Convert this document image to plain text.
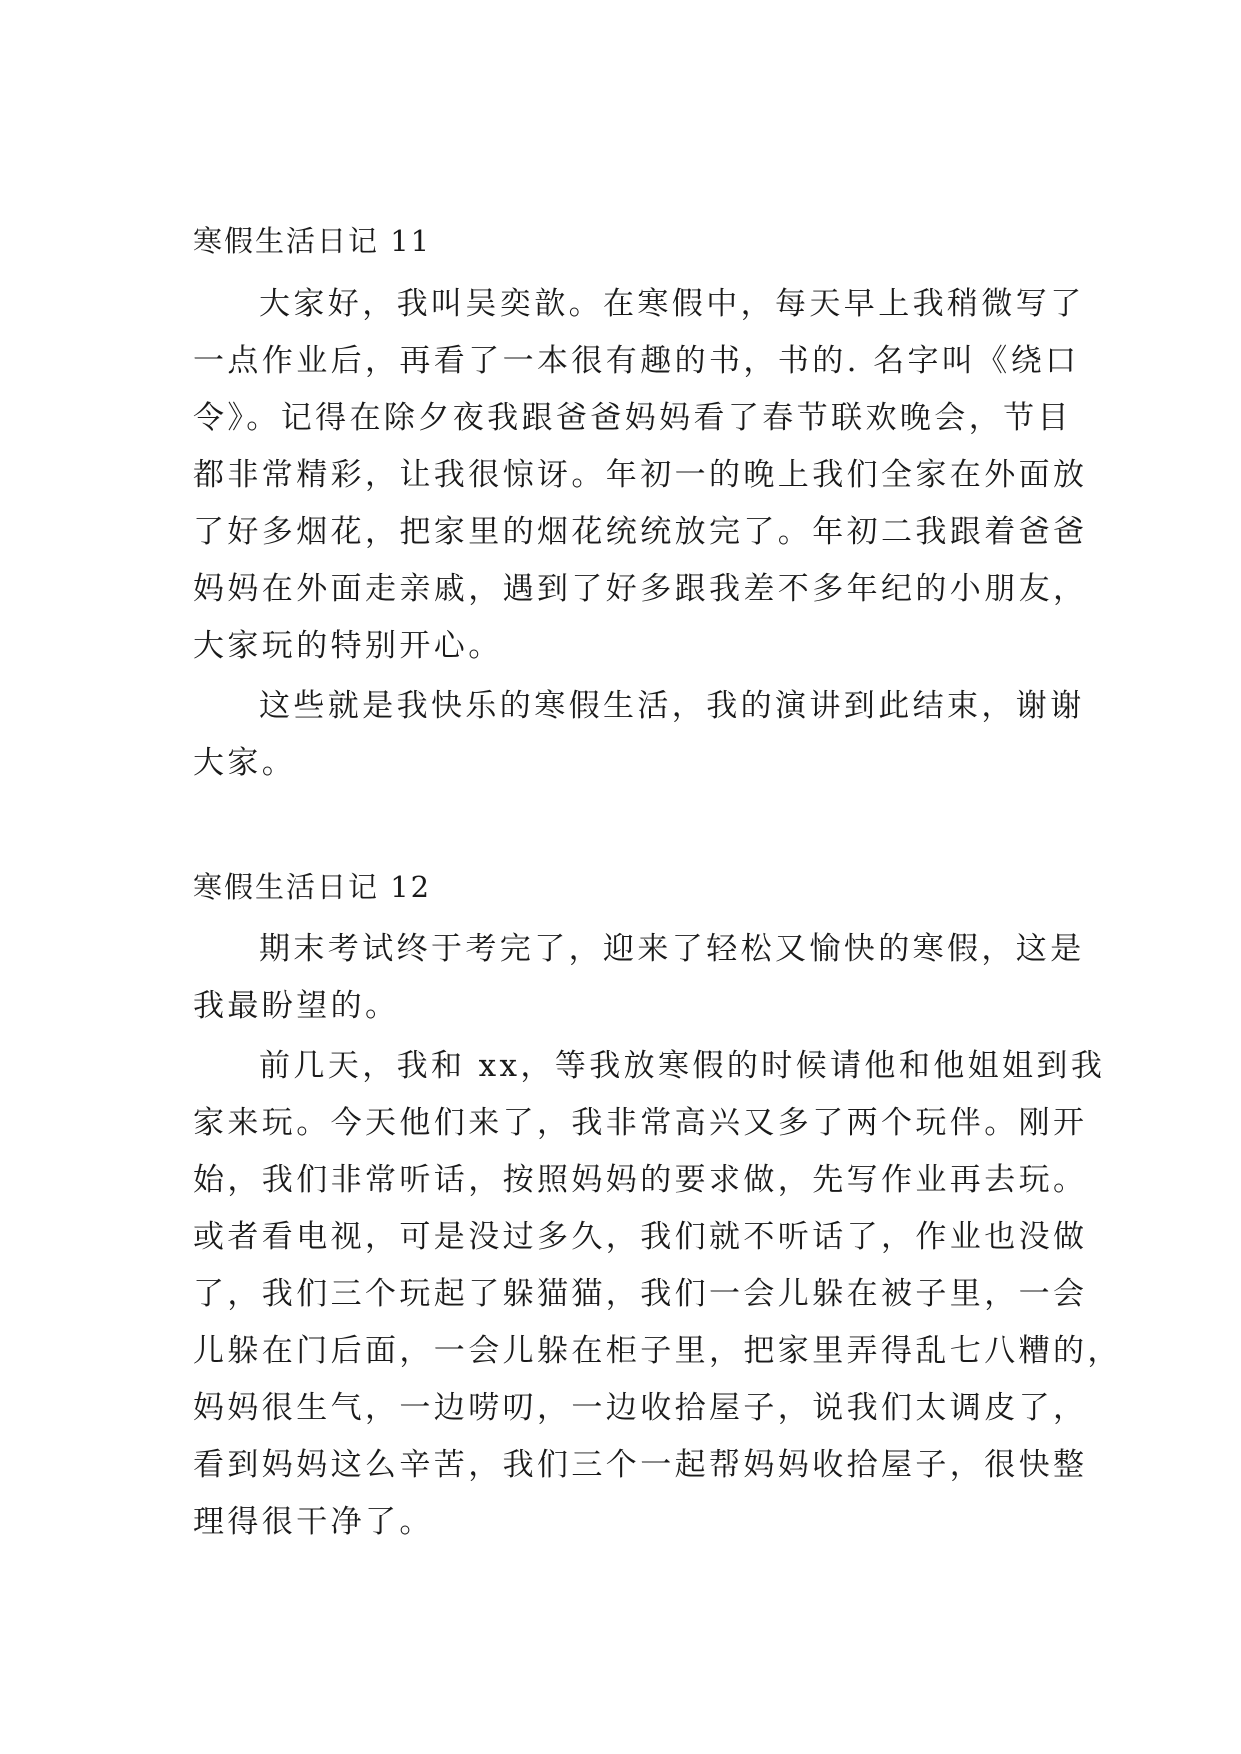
寒假生活日记 11
大家好，我叫吴奕歆。在寒假中，每天早上我稍微写了
一点作业后，再看了一本很有趣的书，书的. 名字叫《绕口
令》。记得在除夕夜我跟爸爸妈妈看了春节联欢晚会，节目
都非常精彩，让我很惊讶。年初一的晚上我们全家在外面放
了好多烟花，把家里的烟花统统放完了。年初二我跟着爸爸
妈妈在外面走亲戚，遇到了好多跟我差不多年纪的小朋友，
大家玩的特别开心。
这些就是我快乐的寒假生活，我的演讲到此结束，谢谢
大家。
寒假生活日记 12
期末考试终于考完了，迎来了轻松又愉快的寒假，这是
我最盼望的。
前几天，我和 xx，等我放寒假的时候请他和他姐姐到我
家来玩。今天他们来了，我非常高兴又多了两个玩伴。刚开
始，我们非常听话，按照妈妈的要求做，先写作业再去玩。
或者看电视，可是没过多久，我们就不听话了，作业也没做
了，我们三个玩起了躲猫猫，我们一会儿躲在被子里，一会
儿躲在门后面，一会儿躲在柜子里，把家里弄得乱七八糟的，
妈妈很生气，一边唠叨，一边收拾屋子，说我们太调皮了，
看到妈妈这么辛苦，我们三个一起帮妈妈收拾屋子，很快整
理得很干净了。
